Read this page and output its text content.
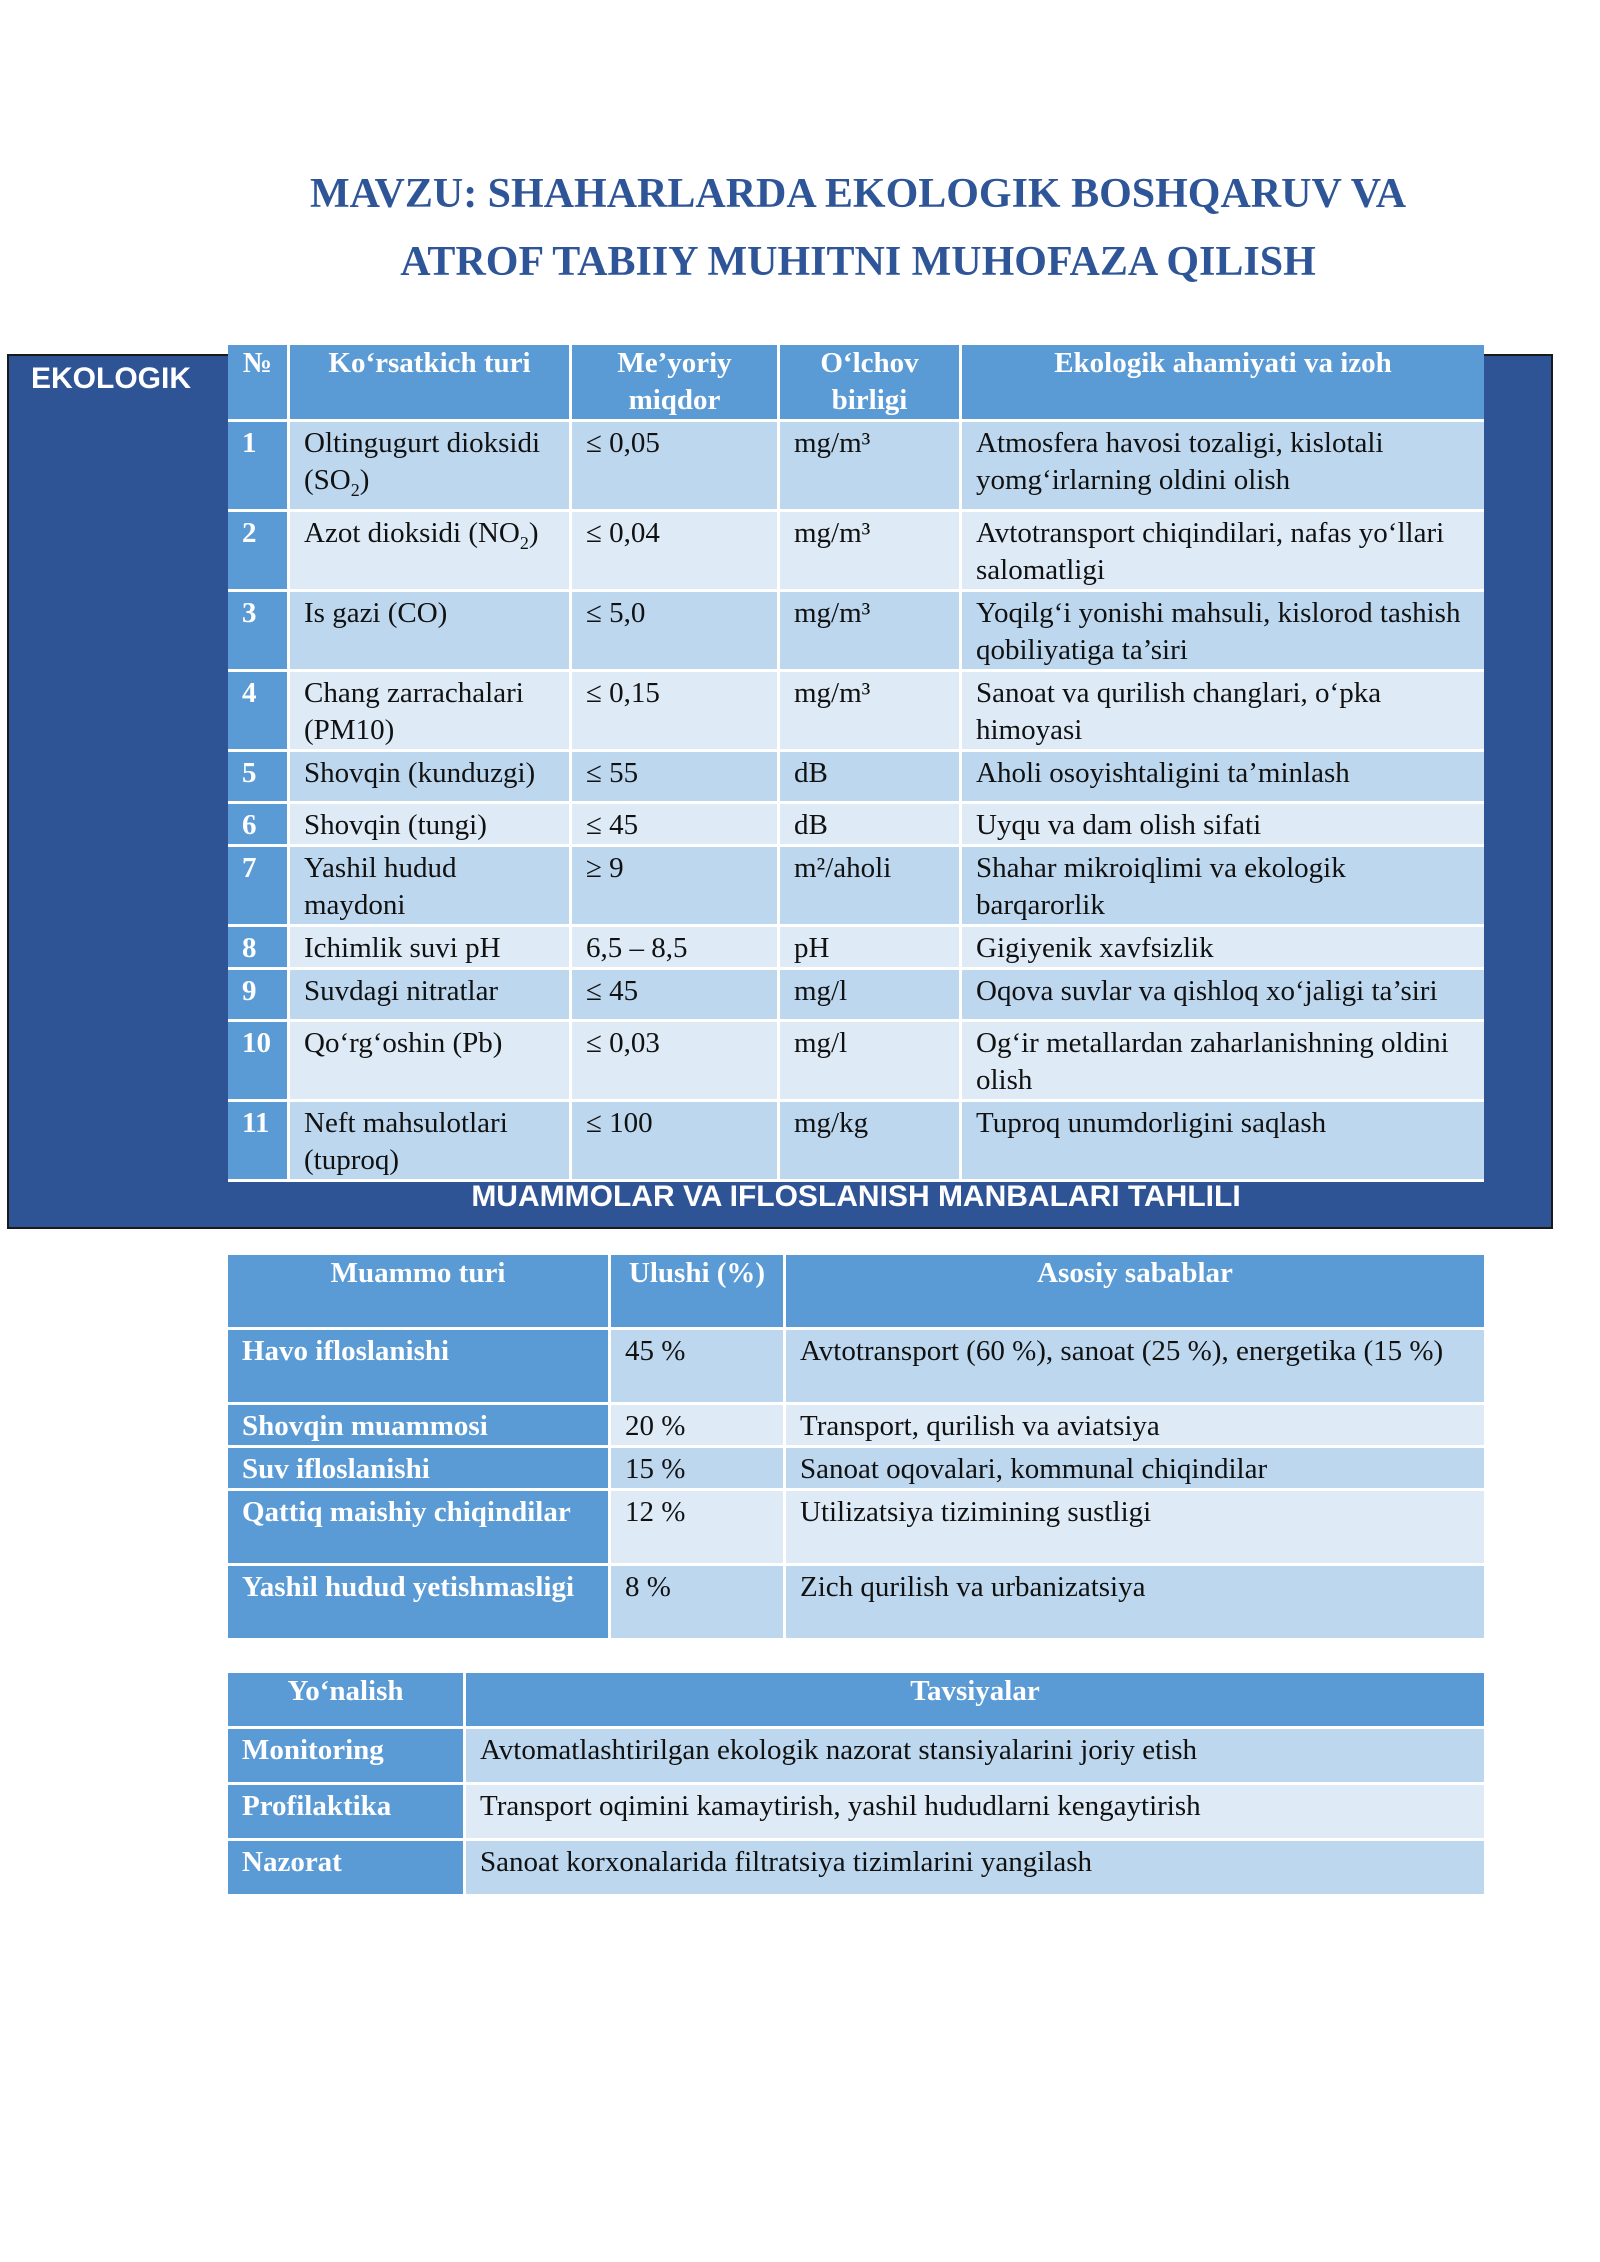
MAVZU: SHAHARLARDA EKOLOGIK BOSHQARUV VA
ATROF TABIIY MUHITNI MUHOFAZA QILISH
EKOLOGIK №	Ko‘rsatkich turi	Me’yoriy miqdor	O‘lchov birligi	Ekologik ahamiyati va izoh
1	Oltingugurt dioksidi $(SO_2)$	≤ 0,05	mg/m³	Atmosfera havosi tozaligi, kislotali yomg‘irlarning oldini olish
2	Azot dioksidi $(NO_2)$	≤ 0,04	mg/m³	Avtotransport chiqindilari, nafas yo‘llari salomatligi
3	Is gazi (CO)	≤ 5,0	mg/m³	Yoqilg‘i yonishi mahsuli, kislorod tashish qobiliyatiga ta’siri
4	Chang zarrachalari (PM10)	≤ 0,15	mg/m³	Sanoat va qurilish changlari, o‘pka himoyasi
5	Shovqin (kunduzgi)	≤ 55	dB	Aholi osoyishtaligini ta’minlash
6	Shovqin (tungi)	≤ 45	dB	Uyqu va dam olish sifati
7	Yashil hudud maydoni	≥ 9	m²/aholi	Shahar mikroiqlimi va ekologik barqarorlik
8	Ichimlik suvi pH	6,5 – 8,5	pH	Gigiyenik xavfsizlik
9	Suvdagi nitratlar	≤ 45	mg/l	Oqova suvlar va qishloq xo‘jaligi ta’siri
10	Qo‘rg‘oshin (Pb)	≤ 0,03	mg/l	Og‘ir metallardan zaharlanishning oldini olish
11	Neft mahsulotlari (tuproq)	≤ 100	mg/kg	Tuproq unumdorligini saqlash
MUAMMOLAR VA IFLOSLANISH MANBALARI TAHLILI
Muammo turi	Ulushi (%)	Asosiy sabablar
Havo ifloslanishi	45 %	Avtotransport (60 %), sanoat (25 %), energetika (15 %)
Shovqin muammosi	20 %	Transport, qurilish va aviatsiya
Suv ifloslanishi	15 %	Sanoat oqovalari, kommunal chiqindilar
Qattiq maishiy chiqindilar	12 %	Utilizatsiya tizimining sustligi
Yashil hudud yetishmasligi	8 %	Zich qurilish va urbanizatsiya
Yo‘nalish	Tavsiyalar
Monitoring	Avtomatlashtirilgan ekologik nazorat stansiyalarini joriy etish
Profilaktika	Transport oqimini kamaytirish, yashil hududlarni kengaytirish
Nazorat	Sanoat korxonalarida filtratsiya tizimlarini yangilash
